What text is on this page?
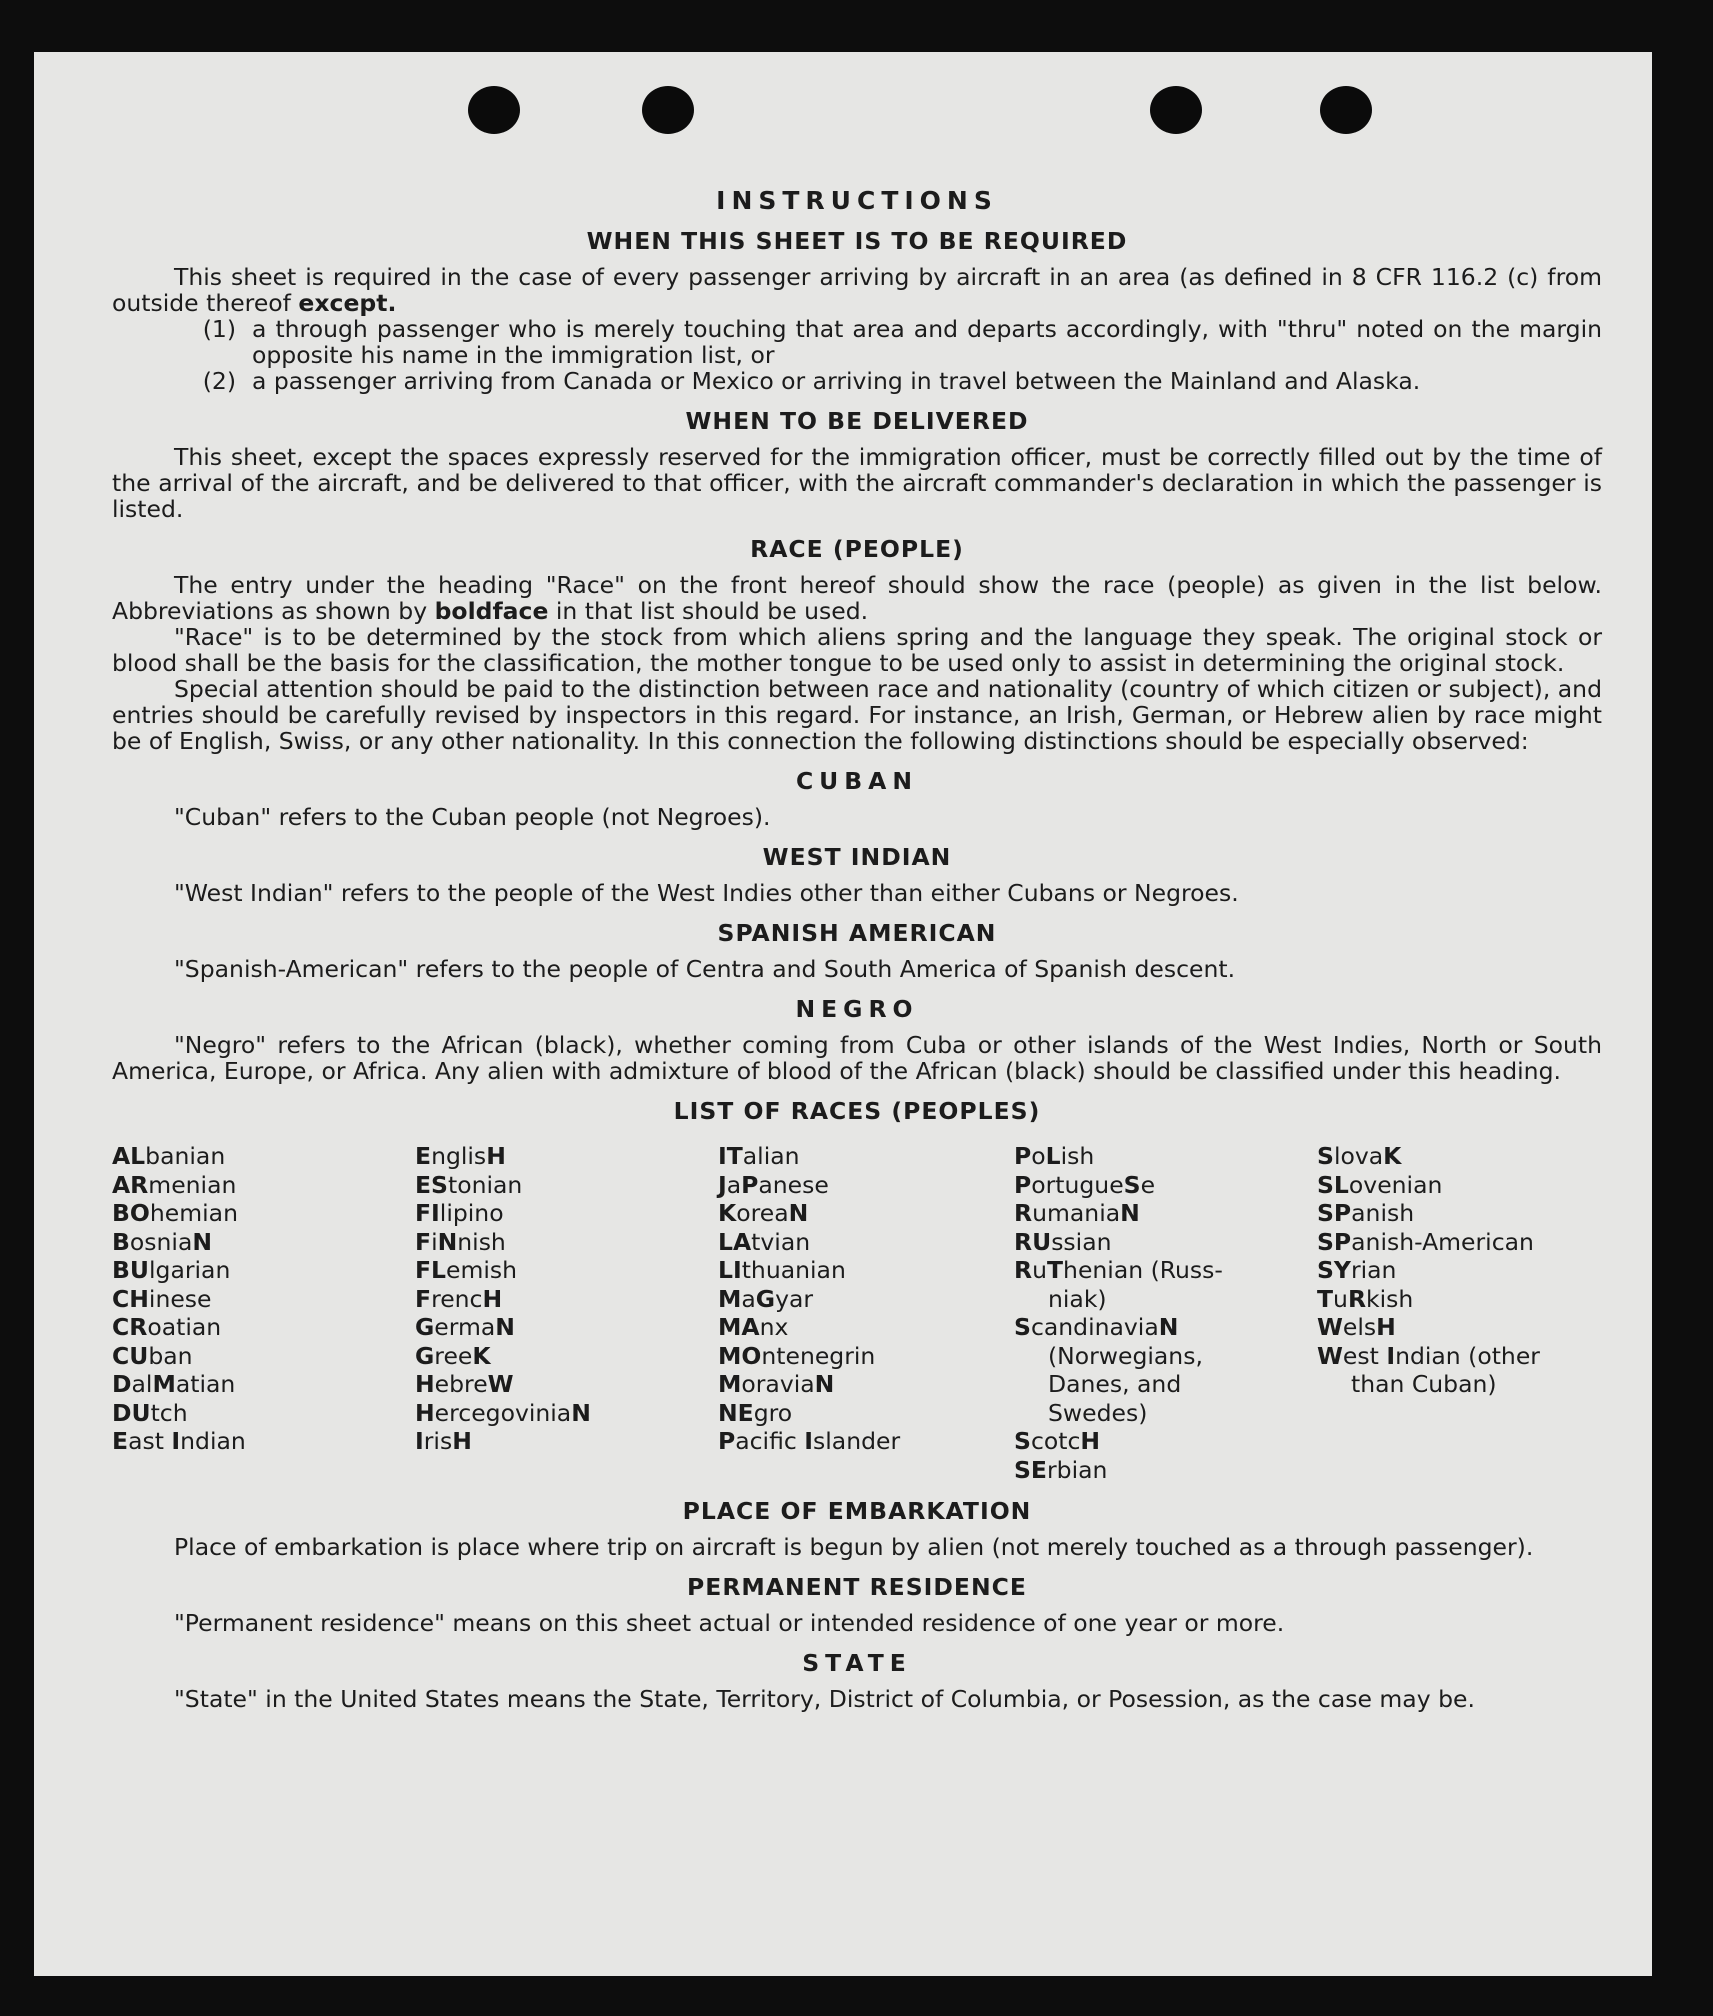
INSTRUCTIONS
WHEN THIS SHEET IS TO BE REQUIRED

This sheet is required in the case of every passenger arriving by aircraft in an area (as defined in 8 CFR 116.2 (c) from outside thereof except.

(1) a through passenger who is merely touching that area and departs accordingly, with "thru" noted on the margin opposite his name in the immigration list, or
(2) a passenger arriving from Canada or Mexico or arriving in travel between the Mainland and Alaska.
WHEN TO BE DELIVERED

This sheet, except the spaces expressly reserved for the immigration officer, must be correctly filled out by the time of the arrival of the aircraft, and be delivered to that officer, with the aircraft commander's declaration in which the passenger is listed.

RACE (PEOPLE)

The entry under the heading "Race" on the front hereof should show the race (people) as given in the list below. Abbreviations as shown by boldface in that list should be used.

"Race" is to be determined by the stock from which aliens spring and the language they speak. The original stock or blood shall be the basis for the classification, the mother tongue to be used only to assist in determining the original stock.

Special attention should be paid to the distinction between race and nationality (country of which citizen or subject), and entries should be carefully revised by inspectors in this regard. For instance, an Irish, German, or Hebrew alien by race might be of English, Swiss, or any other nationality. In this connection the following distinctions should be especially observed:

CUBAN

"Cuban" refers to the Cuban people (not Negroes).

WEST INDIAN

"West Indian" refers to the people of the West Indies other than either Cubans or Negroes.

SPANISH AMERICAN

"Spanish-American" refers to the people of Centra and South America of Spanish descent.

NEGRO

"Negro" refers to the African (black), whether coming from Cuba or other islands of the West Indies, North or South America, Europe, or Africa. Any alien with admixture of blood of the African (black) should be classified under this heading.

LIST OF RACES (PEOPLES)
ALbanian
ARmenian
BOhemian
BosniaN
BUlgarian
CHinese
CRoatian
CUban
DalMatian
DUtch
East Indian
EnglisH
EStonian
FIlipino
FiNnish
FLemish
FrencH
GermaN
GreeK
HebreW
HercegoviniaN
IrisH
ITalian
JaPanese
KoreaN
LAtvian
LIthuanian
MaGyar
MAnx
MOntenegrin
MoraviaN
NEgro
Pacific Islander
PoLish
PortugueSe
RumaniaN
RUssian
RuThenian (Russ-
niak)
ScandinaviaN
(Norwegians,
Danes, and
Swedes)
ScotcH
SErbian
SlovaK
SLovenian
SPanish
SPanish-American
SYrian
TuRkish
WelsH
West Indian (other
than Cuban)
PLACE OF EMBARKATION

Place of embarkation is place where trip on aircraft is begun by alien (not merely touched as a through passenger).

PERMANENT RESIDENCE

"Permanent residence" means on this sheet actual or intended residence of one year or more.

STATE

"State" in the United States means the State, Territory, District of Columbia, or Posession, as the case may be.
